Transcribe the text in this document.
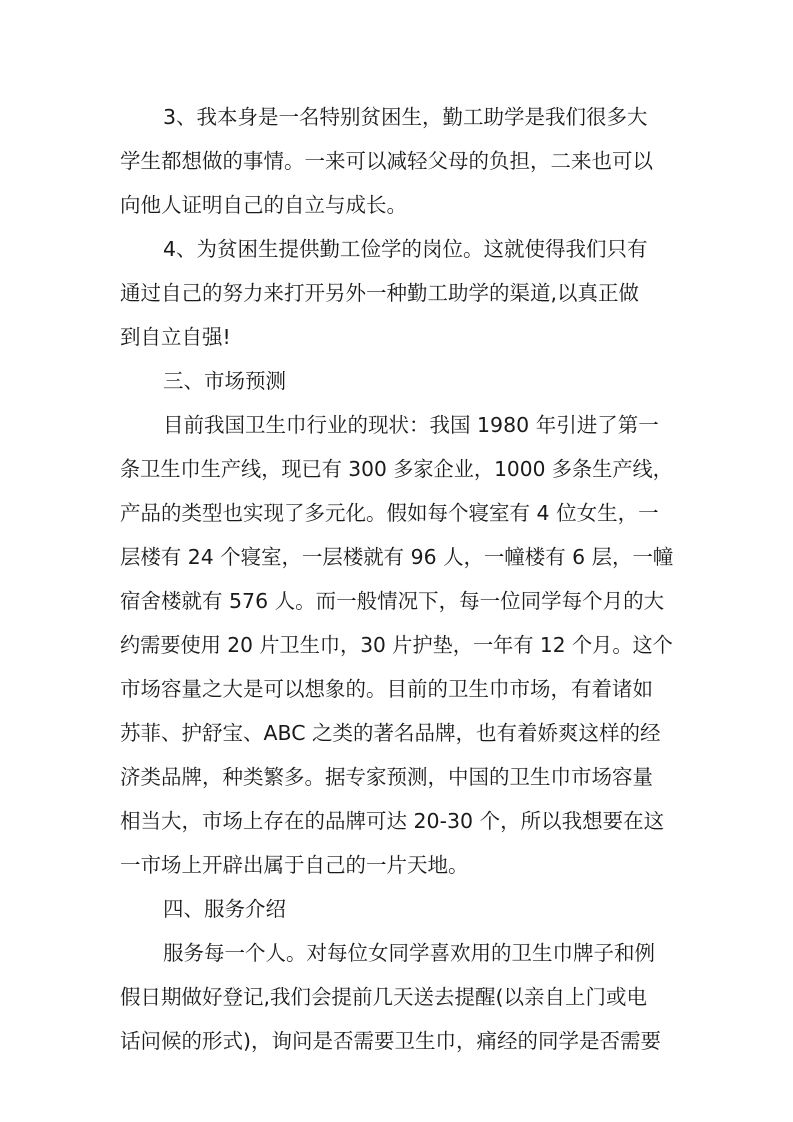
3、我本身是一名特别贫困生，勤工助学是我们很多大
学生都想做的事情。一来可以减轻父母的负担，二来也可以
向他人证明自己的自立与成长。
4、为贫困生提供勤工俭学的岗位。这就使得我们只有
通过自己的努力来打开另外一种勤工助学的渠道,以真正做
到自立自强!
三、市场预测
目前我国卫生巾行业的现状：我国 1980 年引进了第一
条卫生巾生产线，现已有 300 多家企业，1000 多条生产线，
产品的类型也实现了多元化。假如每个寝室有 4 位女生，一
层楼有 24 个寝室，一层楼就有 96 人，一幢楼有 6 层，一幢
宿舍楼就有 576 人。而一般情况下，每一位同学每个月的大
约需要使用 20 片卫生巾，30 片护垫，一年有 12 个月。这个
市场容量之大是可以想象的。目前的卫生巾市场，有着诸如
苏菲、护舒宝、ABC 之类的著名品牌，也有着娇爽这样的经
济类品牌，种类繁多。据专家预测，中国的卫生巾市场容量
相当大，市场上存在的品牌可达 20-30 个，所以我想要在这
一市场上开辟出属于自己的一片天地。
四、服务介绍
服务每一个人。对每位女同学喜欢用的卫生巾牌子和例
假日期做好登记,我们会提前几天送去提醒(以亲自上门或电
话问候的形式)，询问是否需要卫生巾，痛经的同学是否需要
